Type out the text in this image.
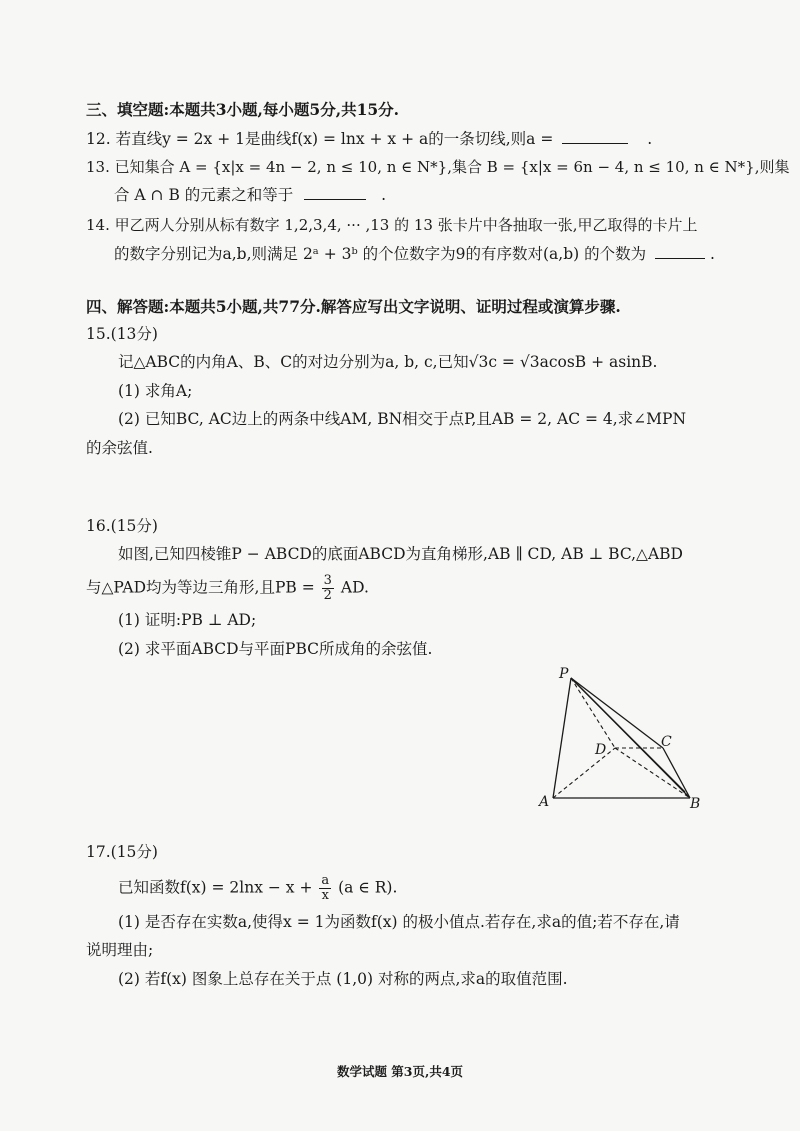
三、填空题:本题共3小题,每小题5分,共15分.
12. 若直线y = 2x + 1是曲线f(x) = lnx + x + a的一条切线,则a =	.
13. 已知集合 A = {x|x = 4n − 2, n ≤ 10, n ∈ N*},集合 B = {x|x = 6n − 4, n ≤ 10, n ∈ N*},则集
合 A ∩ B 的元素之和等于	.
14. 甲乙两人分别从标有数字 1,2,3,4, ··· ,13 的 13 张卡片中各抽取一张,甲乙取得的卡片上
的数字分别记为a,b,则满足 2ᵃ + 3ᵇ 的个位数字为9的有序数对(a,b) 的个数为	.
四、解答题:本题共5小题,共77分.解答应写出文字说明、证明过程或演算步骤.
15.(13分)
记△ABC的内角A、B、C的对边分别为a, b, c,已知√3c = √3acosB + asinB.
(1) 求角A;
(2) 已知BC, AC边上的两条中线AM, BN相交于点P,且AB = 2, AC = 4,求∠MPN
的余弦值.
16.(15分)
如图,已知四棱锥P − ABCD的底面ABCD为直角梯形,AB ∥ CD, AB ⊥ BC,△ABD
与△PAD均为等边三角形,且PB = $\frac{3}{2}$ AD.
(1) 证明:PB ⊥ AD;
(2) 求平面ABCD与平面PBC所成角的余弦值.
P
A	B
C
D
17.(15分)
已知函数$f(x) = 2\ln x - x + \frac{a}{x} (a$ ∈ R).
(1) 是否存在实数a,使得x = 1为函数f(x) 的极小值点.若存在,求a的值;若不存在,请
说明理由;
(2) 若f(x) 图象上总存在关于点 (1,0) 对称的两点,求a的取值范围.
数学试题 第3页,共4页
